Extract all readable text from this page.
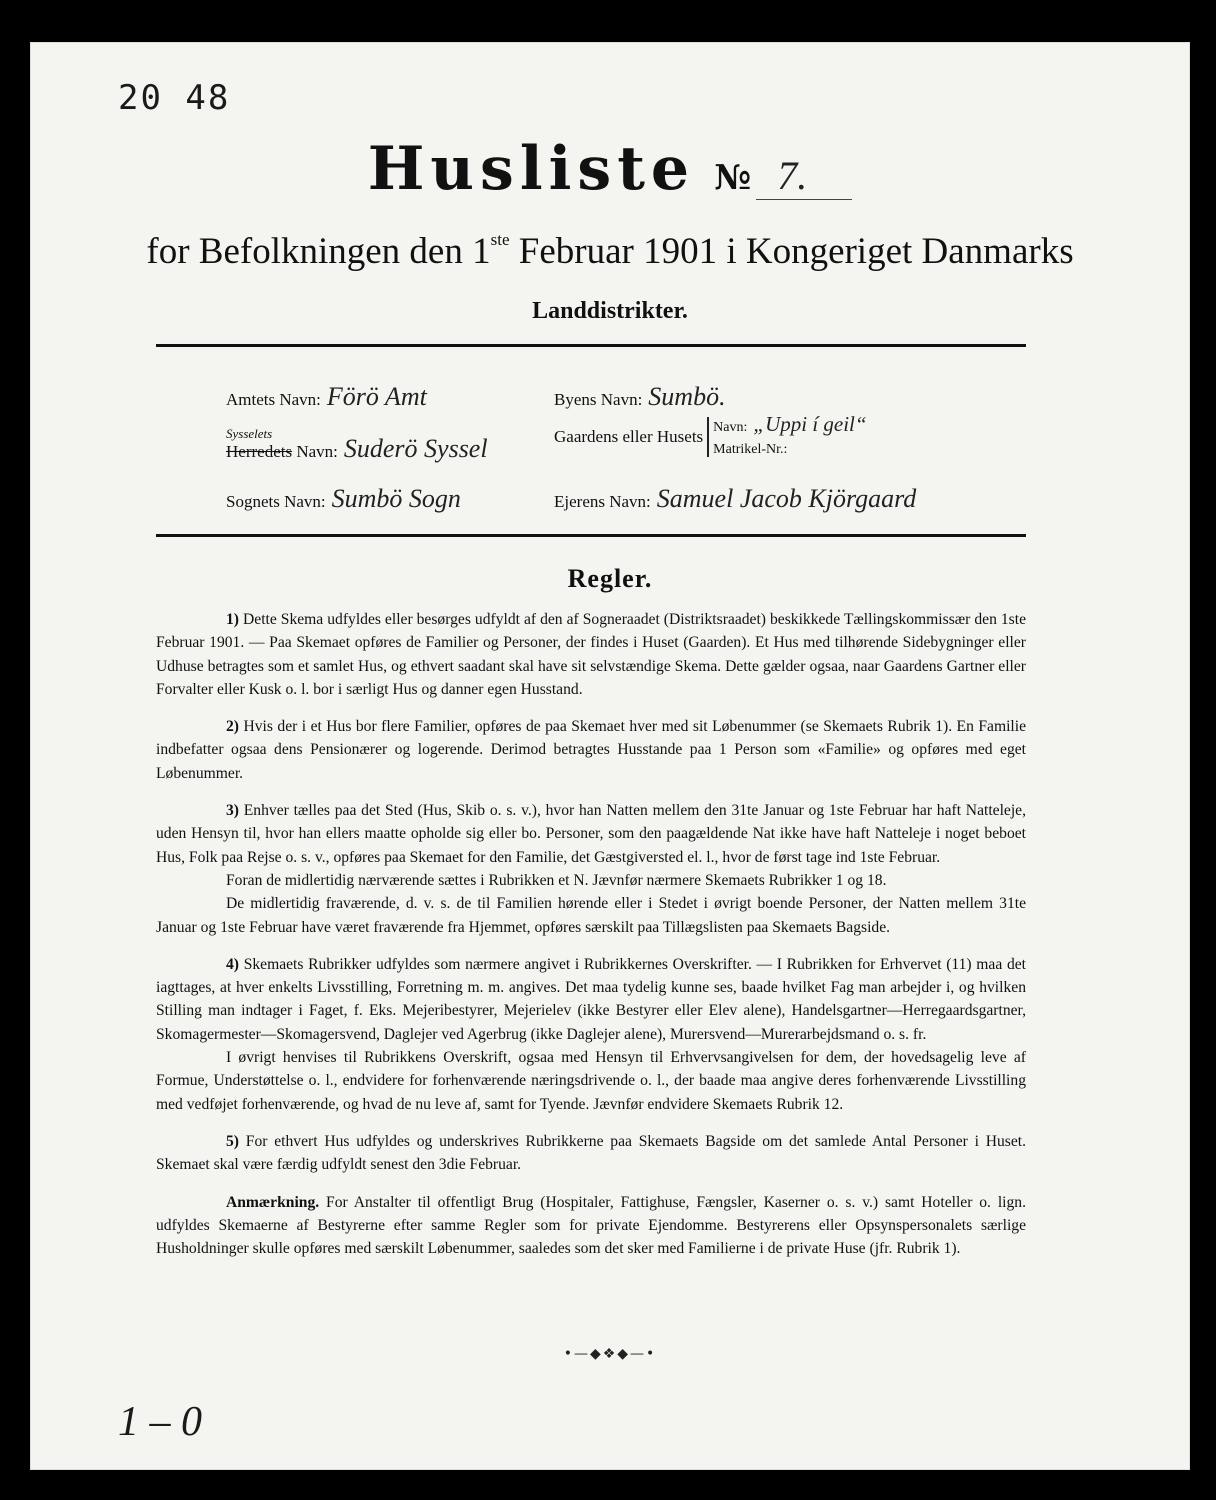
20 48
Husliste № 7.
for Befolkningen den 1ste Februar 1901 i Kongeriget Danmarks
Landdistrikter.
Amtets Navn: Förö Amt
Sysselets
Herredets Navn: Suderö Syssel
Sognets Navn: Sumbö Sogn
Byens Navn: Sumbö.
Gaardens eller Husets Navn: „Uppi í geil“
Matrikel-Nr.:
Ejerens Navn: Samuel Jacob Kjörgaard
Regler.

1) Dette Skema udfyldes eller besørges udfyldt af den af Sogneraadet (Distriktsraadet) beskikkede Tællingskommissær den 1ste Februar 1901. — Paa Skemaet opføres de Familier og Personer, der findes i Huset (Gaarden). Et Hus med tilhørende Sidebygninger eller Udhuse betragtes som et samlet Hus, og ethvert saadant skal have sit selvstændige Skema. Dette gælder ogsaa, naar Gaardens Gartner eller Forvalter eller Kusk o. l. bor i særligt Hus og danner egen Husstand.

2) Hvis der i et Hus bor flere Familier, opføres de paa Skemaet hver med sit Løbenummer (se Skemaets Rubrik 1). En Familie indbefatter ogsaa dens Pensionærer og logerende. Derimod betragtes Husstande paa 1 Person som «Familie» og opføres med eget Løbenummer.

3) Enhver tælles paa det Sted (Hus, Skib o. s. v.), hvor han Natten mellem den 31te Januar og 1ste Februar har haft Natteleje, uden Hensyn til, hvor han ellers maatte opholde sig eller bo. Personer, som den paagældende Nat ikke have haft Natteleje i noget beboet Hus, Folk paa Rejse o. s. v., opføres paa Skemaet for den Familie, det Gæstgiversted el. l., hvor de først tage ind 1ste Februar.

Foran de midlertidig nærværende sættes i Rubrikken et N. Jævnfør nærmere Skemaets Rubrikker 1 og 18.

De midlertidig fraværende, d. v. s. de til Familien hørende eller i Stedet i øvrigt boende Personer, der Natten mellem 31te Januar og 1ste Februar have været fraværende fra Hjemmet, opføres særskilt paa Tillægslisten paa Skemaets Bagside.

4) Skemaets Rubrikker udfyldes som nærmere angivet i Rubrikkernes Overskrifter. — I Rubrikken for Erhvervet (11) maa det iagttages, at hver enkelts Livsstilling, Forretning m. m. angives. Det maa tydelig kunne ses, baade hvilket Fag man arbejder i, og hvilken Stilling man indtager i Faget, f. Eks. Mejeribestyrer, Mejerielev (ikke Bestyrer eller Elev alene), Handelsgartner—Herregaardsgartner, Skomagermester—Skomagersvend, Daglejer ved Agerbrug (ikke Daglejer alene), Murersvend—Murerarbejdsmand o. s. fr.

I øvrigt henvises til Rubrikkens Overskrift, ogsaa med Hensyn til Erhvervsangivelsen for dem, der hovedsagelig leve af Formue, Understøttelse o. l., endvidere for forhenværende næringsdrivende o. l., der baade maa angive deres forhenværende Livsstilling med vedføjet forhenværende, og hvad de nu leve af, samt for Tyende. Jævnfør endvidere Skemaets Rubrik 12.

5) For ethvert Hus udfyldes og underskrives Rubrikkerne paa Skemaets Bagside om det samlede Antal Personer i Huset. Skemaet skal være færdig udfyldt senest den 3die Februar.

Anmærkning. For Anstalter til offentligt Brug (Hospitaler, Fattighuse, Fængsler, Kaserner o. s. v.) samt Hoteller o. lign. udfyldes Skemaerne af Bestyrerne efter samme Regler som for private Ejendomme. Bestyrerens eller Opsynspersonalets særlige Husholdninger skulle opføres med særskilt Løbenummer, saaledes som det sker med Familierne i de private Huse (jfr. Rubrik 1).

•—◆❖◆—•
1 – 0
